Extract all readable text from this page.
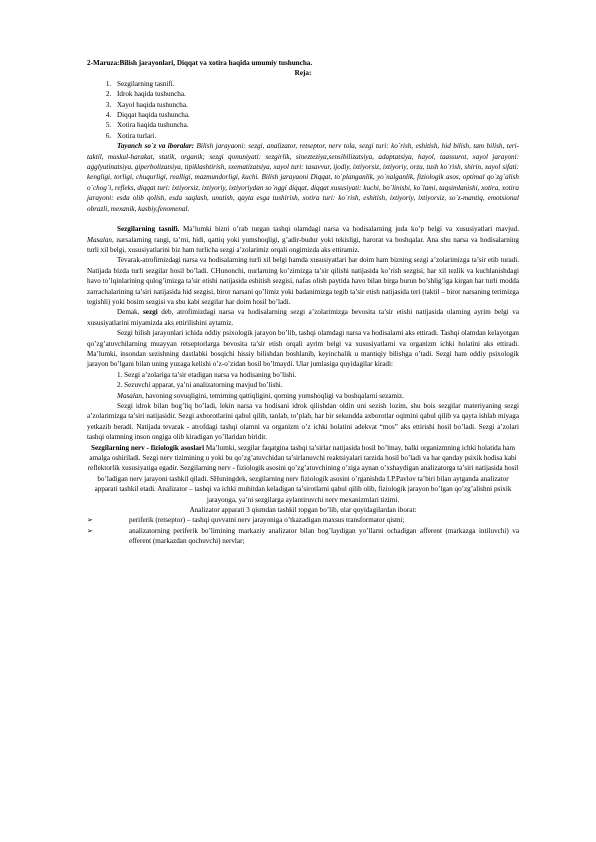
2-Maruza:Bilish jarayonlari, Diqqat va xotira haqida umumiy tushuncha.
Reja:
1. Sezgilarning tasnifi.
2. Idrok haqida tushuncha.
3. Xayol haqida tushuncha.
4. Diqqat haqida tushuncha.
5. Xotira haqida tushuncha.
6. Xotira turlari.

Tayanch so`z va iboralar: Bilish jarayaoni: sezgi, analizator, retseptor, nerv tola, sezgi turi: ko`rish, eshitish, hid bilish, tam bilish, teri-taktil, muskul-harakat, statik, organik; sezgi qonuniyati: sezgirlik, sinezteziya,sensibilizatsiya, adaptatsiya, hayol, taassurot, xayol jarayoni: agglyutinatsiya, giperbolizatsiya, tipiklashtirish, sxematizatsiya, xayol turi: tasavvur, ijodiy, ixtiyorsiz, ixtiyoriy, orzu, tush ko`rish, shirin, xayol sifati: kengligi, torligi, chuqurligi, realligi, mazmundorligi, kuchi. Bilish jarayaoni Diqqat, to`planganlik, yo`nalganlik, fiziologik asos, optimal qo`zg`alish o`chog`i, refleks, diqqat turi: ixtiyorsiz, ixtiyoriy, ixtiyoriydan so`nggi diqqat, diqqat xususiyati: kuchi, bo`linishi, ko`lami, taqsimlanishi, xotira, xotira jarayoni: esda olib qolish, esda saqlash, unutish, qayta esga tushirish, xotira turi: ko`rish, eshitish, ixtiyoriy, ixtiyorsiz, so`z-mantiq, emotsional obrazli, mexanik, kasbiy,fenomenal.

Sezgilarning tasnifi. Ma’lumki bizni o’rab turgan tashqi olamdagi narsa va hodisalarning juda ko’p belgi va xususiyatlari mavjud. Masalan, narsalarning rangi, ta’mi, hidi, qattiq yoki yumshoqligi, g’adir-budur yoki tekisligi, harorat va boshqalar. Ana shu narsa va hodisalarning turli xil belgi, xususiyatlarini biz ham turlicha sezgi a’zolarimiz orqali ongimizda aks ettiramiz.

Tevarak-atrofimizdagi narsa va hodisalarning turli xil belgi hamda xususiyatlari har doim ham bizning sezgi a’zolarimizga ta’sir etib turadi. Natijada bizda turli sezgilar hosil bo’ladi. CHunonchi, nurlarning ko’zimizga ta’sir qilishi natijasida ko’rish sezgisi, har xil tezlik va kuchlanishdagi havo to’lqinlarining qulog’imizga ta’sir etishi natijasida eshitish sezgisi, nafas olish paytida havo bilan birga burun bo’shlig’iga kirgan har turli modda zarrachalarining ta’siri natijasida hid sezgisi, biror narsani qo’limiz yoki badanimizga tegib ta’sir etish natijasida teri (taktil – biror narsaning terimizga tegishli) yoki bosim sezgisi va shu kabi sezgilar har doim hosil bo’ladi.

Demak, sezgi deb, atrofimizdagi narsa va hodisalarning sezgi a’zolarimizga bevosita ta’sir etishi natijasida ularning ayrim belgi va xususiyatlarini miyamizda aks ettirilishini aytamiz.

Sezgi bilish jarayonlari ichida oddiy psixologik jarayon bo’lib, tashqi olamdagi narsa va hodisalarni aks ettiradi. Tashqi olamdan kelayotgan qo’zg’atuvchilarning muayyan retseptorlarga bevosita ta’sir etish orqali ayrim belgi va xususiyatlarni va organizm ichki holatini aks ettiradi. Ma’lumki, insondan sezishning dastlabki bosqichi hissiy bilishdan boshlanib, keyinchalik u mantiqiy bilishga o’tadi. Sezgi ham oddiy psixologik jarayon bo’lgani bilan uning yuzaga kelishi o’z-o’zidan hosil bo’lmaydi. Ular jumlasiga quyidagilar kiradi:

1. Sezgi a’zolariga ta’sir etadigan narsa va hodisaning bo’lishi.
2. Sezuvchi apparat, ya’ni analizatorning mavjud bo’lishi.

Masalan, havoning sovuqligini, temirning qattiqligini, qorning yumshoqligi va boshqalarni sezamiz.

Sezgi idrok bilan bog’liq bo’ladi, lekin narsa va hodisani idrok qilishdan oldin uni sezish lozim, shu bois sezgilar materiyaning sezgi a’zolarimizga ta’siri natijasidir. Sezgi axborotlarini qabul qilib, tanlab, to’plab, har bir sekundda axborotlar oqimini qabul qilib va qayta ishlab miyaga yetkazib beradi. Natijada tevarak - atrofdagi tashqi olamni va organizm o’z ichki holatini adekvat “mos” aks ettirishi hosil bo’ladi. Sezgi a’zolari tashqi olamning inson ongiga olib kiradigan yo’llaridan biridir.

Sezgilarning nerv - fiziologik asoslari Ma’lumki, sezgilar faqatgina tashqi ta’sirlar natijasida hosil bo’lmay, balki organizmning ichki holatida ham amalga oshiriladi. Sezgi nerv tizimining u yoki bu qo’zg’atuvchidan ta’sirlanuvchi reaktsiyalari tarzida hosil bo’ladi va har qanday psixik hodisa kabi reflektorlik xususiyatiga egadir. Sezgilarning nerv - fiziologik asosini qo’zg’atuvchining o’ziga aynan o’xshaydigan analizatorga ta’siri natijasida hosil bo’ladigan nerv jarayoni tashkil qiladi. SHuningdek, sezgilarning nerv fiziologik asosini o’rganishda I.P.Pavlov ta’biri bilan aytganda analizator apparati tashkil etadi. Analizator – tashqi va ichki muhitdan keladigan ta’sirotlarni qabul qilib olib, fiziologik jarayon bo’lgan qo’zg’alishni psixik jarayonga, ya’ni sezgilarga aylantiruvchi nerv mexanizmlari tizimi.

Analizator apparati 3 qismdan tashkil topgan bo’lib, ular quyidagilardan iborat:

➢	periferik (retseptor) – tashqi quvvatni nerv jarayoniga o’tkazadigan maxsus transformator qismi;
➢	analizatorning periferik bo’limining markaziy analizator bilan bog’laydigan yo’llarni ochadigan afferent (markazga intiluvchi) va efferent (markazdan qochuvchi) nervlar;
